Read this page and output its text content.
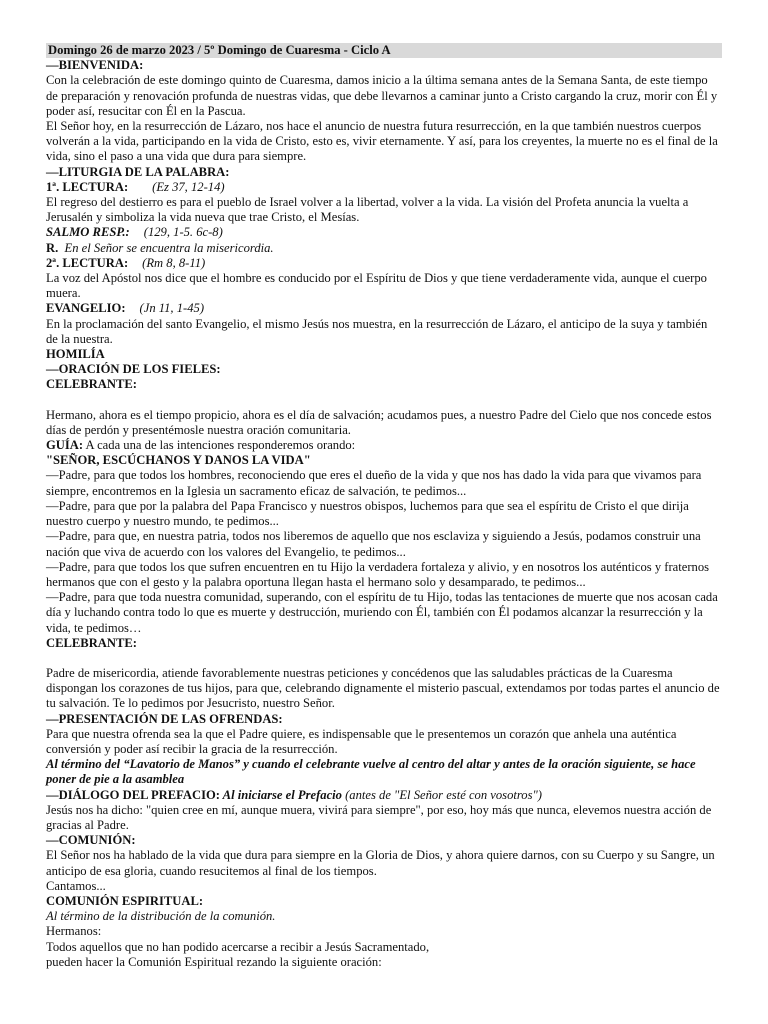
Domingo 26 de marzo 2023 / 5º Domingo de Cuaresma - Ciclo A
—BIENVENIDA:

Con la celebración de este domingo quinto de Cuaresma, damos inicio a la última semana antes de la Semana Santa, de este tiempo de preparación y renovación profunda de nuestras vidas, que debe llevarnos a caminar junto a Cristo cargando la cruz, morir con Él y poder así, resucitar con Él en la Pascua.

El Señor hoy, en la resurrección de Lázaro, nos hace el anuncio de nuestra futura resurrección, en la que también nuestros cuerpos volverán a la vida, participando en la vida de Cristo, esto es, vivir eternamente. Y así, para los creyentes, la muerte no es el final de la vida, sino el paso a una vida que dura para siempre.

—LITURGIA DE LA PALABRA:
1ª. LECTURA: (Ez 37, 12-14)

El regreso del destierro es para el pueblo de Israel volver a la libertad, volver a la vida. La visión del Profeta anuncia la vuelta a Jerusalén y simboliza la vida nueva que trae Cristo, el Mesías.

SALMO RESP.: (129, 1-5. 6c-8)
R. En el Señor se encuentra la misericordia.
2ª. LECTURA: (Rm 8, 8-11)

La voz del Apóstol nos dice que el hombre es conducido por el Espíritu de Dios y que tiene verdaderamente vida, aunque el cuerpo muera.

EVANGELIO: (Jn 11, 1-45)

En la proclamación del santo Evangelio, el mismo Jesús nos muestra, en la resurrección de Lázaro, el anticipo de la suya y también de la nuestra.

HOMILÍA
—ORACIÓN DE LOS FIELES:
CELEBRANTE:

Hermano, ahora es el tiempo propicio, ahora es el día de salvación; acudamos pues, a nuestro Padre del Cielo que nos concede estos días de perdón y presentémosle nuestra oración comunitaria.

GUÍA: A cada una de las intenciones responderemos orando:
"SEÑOR, ESCÚCHANOS Y DANOS LA VIDA"

—Padre, para que todos los hombres, reconociendo que eres el dueño de la vida y que nos has dado la vida para que vivamos para siempre, encontremos en la Iglesia un sacramento eficaz de salvación, te pedimos...

—Padre, para que por la palabra del Papa Francisco y nuestros obispos, luchemos para que sea el espíritu de Cristo el que dirija nuestro cuerpo y nuestro mundo, te pedimos...

—Padre, para que, en nuestra patria, todos nos liberemos de aquello que nos esclaviza y siguiendo a Jesús, podamos construir una nación que viva de acuerdo con los valores del Evangelio, te pedimos...

—Padre, para que todos los que sufren encuentren en tu Hijo la verdadera fortaleza y alivio, y en nosotros los auténticos y fraternos hermanos que con el gesto y la palabra oportuna llegan hasta el hermano solo y desamparado, te pedimos...

—Padre, para que toda nuestra comunidad, superando, con el espíritu de tu Hijo, todas las tentaciones de muerte que nos acosan cada día y luchando contra todo lo que es muerte y destrucción, muriendo con Él, también con Él podamos alcanzar la resurrección y la vida, te pedimos…

CELEBRANTE:

Padre de misericordia, atiende favorablemente nuestras peticiones y concédenos que las saludables prácticas de la Cuaresma dispongan los corazones de tus hijos, para que, celebrando dignamente el misterio pascual, extendamos por todas partes el anuncio de tu salvación. Te lo pedimos por Jesucristo, nuestro Señor.

—PRESENTACIÓN DE LAS OFRENDAS:

Para que nuestra ofrenda sea la que el Padre quiere, es indispensable que le presentemos un corazón que anhela una auténtica conversión y poder así recibir la gracia de la resurrección.

Al término del “Lavatorio de Manos” y cuando el celebrante vuelve al centro del altar y antes de la oración siguiente, se hace poner de pie a la asamblea

—DIÁLOGO DEL PREFACIO: Al iniciarse el Prefacio (antes de "El Señor esté con vosotros")

Jesús nos ha dicho: "quien cree en mí, aunque muera, vivirá para siempre", por eso, hoy más que nunca, elevemos nuestra acción de gracias al Padre.

—COMUNIÓN:

El Señor nos ha hablado de la vida que dura para siempre en la Gloria de Dios, y ahora quiere darnos, con su Cuerpo y su Sangre, un anticipo de esa gloria, cuando resucitemos al final de los tiempos.

Cantamos...
COMUNIÓN ESPIRITUAL:
Al término de la distribución de la comunión.
Hermanos:
Todos aquellos que no han podido acercarse a recibir a Jesús Sacramentado,
pueden hacer la Comunión Espiritual rezando la siguiente oración:
